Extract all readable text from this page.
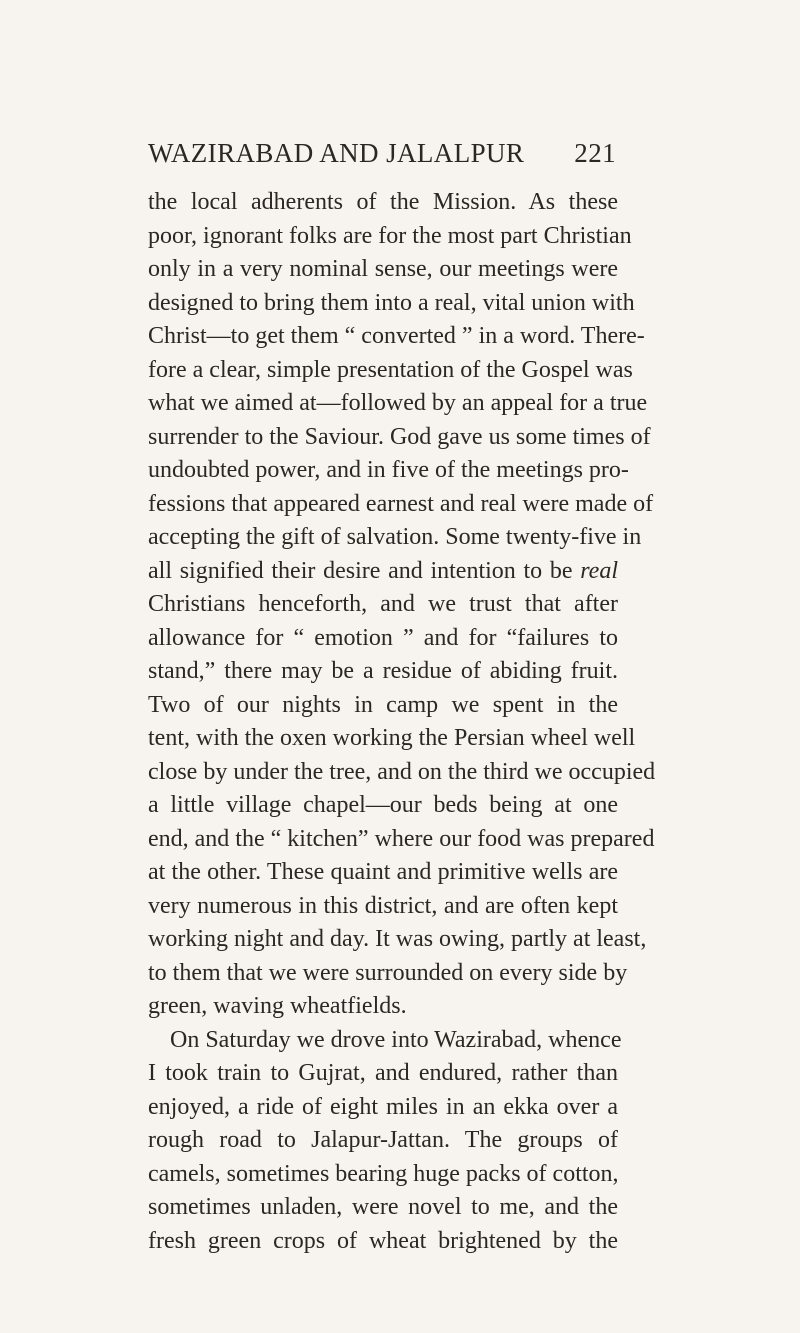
WAZIRABAD AND JALALPUR 221
the local adherents of the Mission. As these
poor, ignorant folks are for the most part Christian
only in a very nominal sense, our meetings were
designed to bring them into a real, vital union with
Christ—to get them “ converted ” in a word. There-
fore a clear, simple presentation of the Gospel was
what we aimed at—followed by an appeal for a true
surrender to the Saviour. God gave us some times of
undoubted power, and in five of the meetings pro-
fessions that appeared earnest and real were made of
accepting the gift of salvation. Some twenty-five in
all signified their desire and intention to be real
Christians henceforth, and we trust that after
allowance for “ emotion ” and for “failures to
stand,” there may be a residue of abiding fruit.
Two of our nights in camp we spent in the
tent, with the oxen working the Persian wheel well
close by under the tree, and on the third we occupied
a little village chapel—our beds being at one
end, and the “ kitchen” where our food was prepared
at the other. These quaint and primitive wells are
very numerous in this district, and are often kept
working night and day. It was owing, partly at least,
to them that we were surrounded on every side by
green, waving wheatfields.
On Saturday we drove into Wazirabad, whence
I took train to Gujrat, and endured, rather than
enjoyed, a ride of eight miles in an ekka over a
rough road to Jalapur-Jattan. The groups of
camels, sometimes bearing huge packs of cotton,
sometimes unladen, were novel to me, and the
fresh green crops of wheat brightened by the
